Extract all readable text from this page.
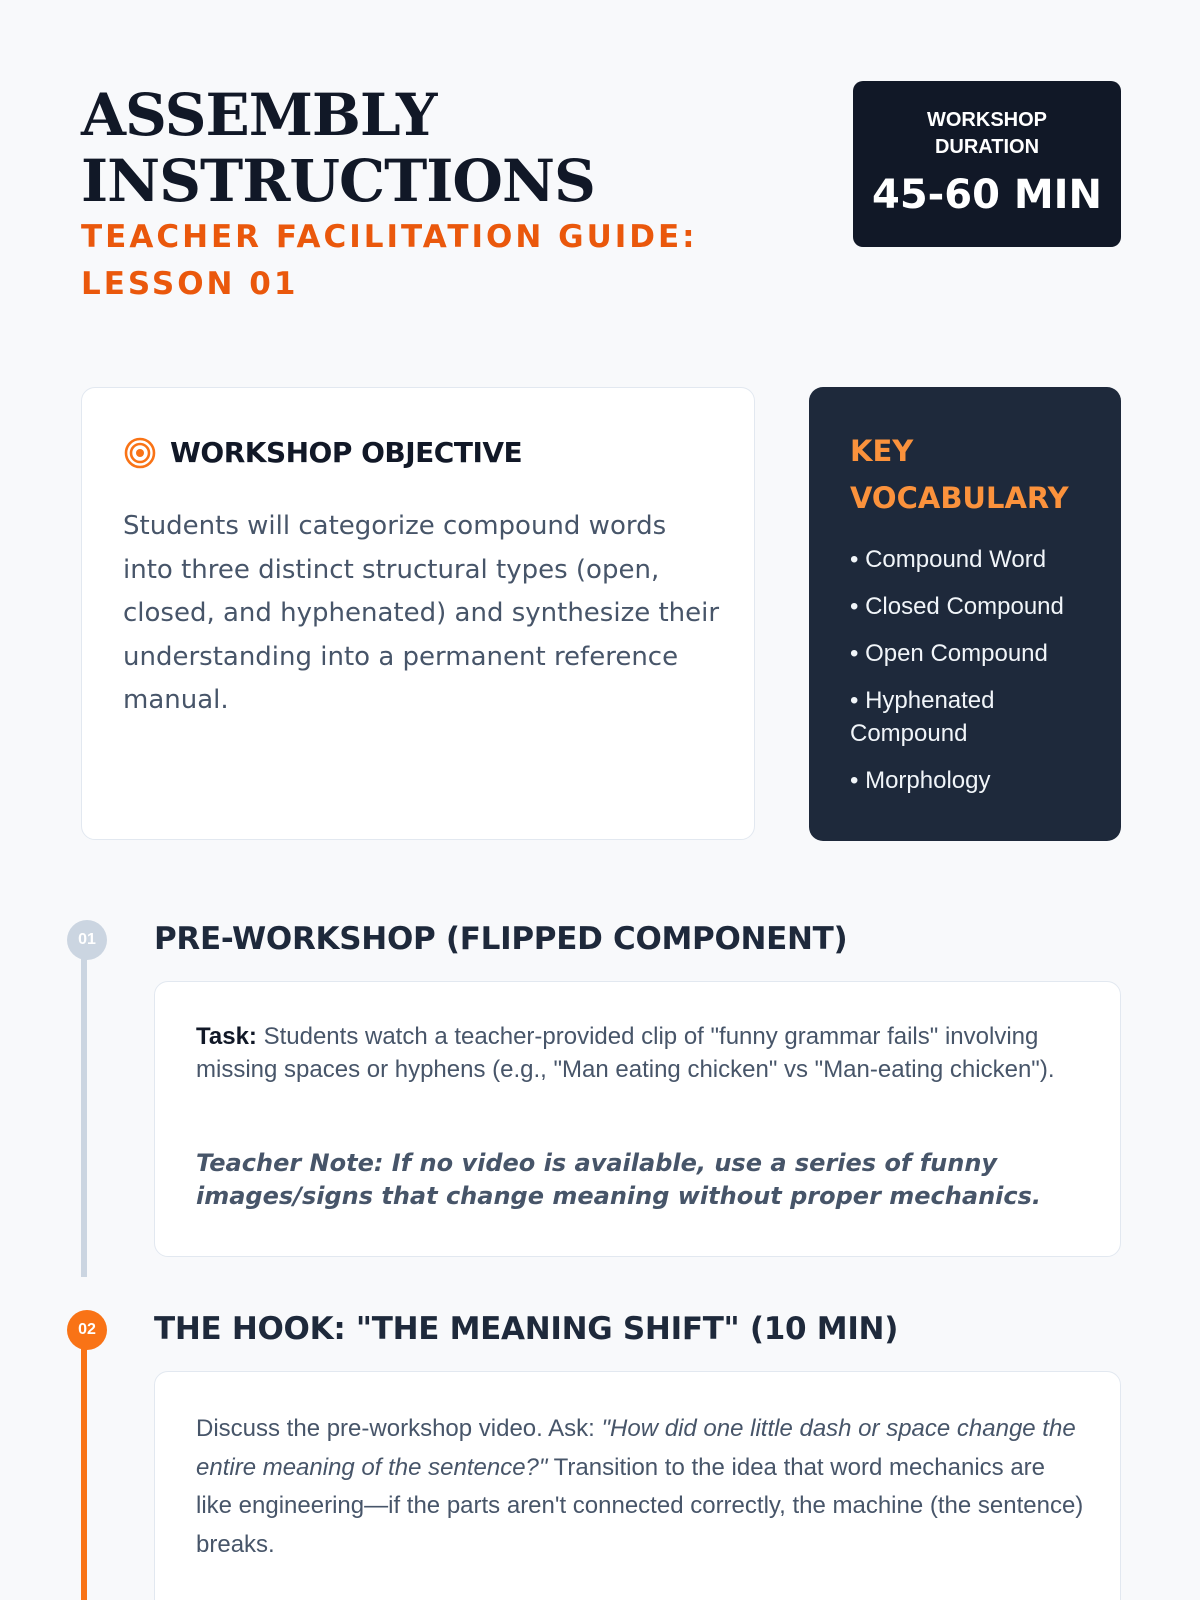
ASSEMBLY
INSTRUCTIONS
TEACHER FACILITATION GUIDE: LESSON 01
WORKSHOP DURATION
45-60 MIN
WORKSHOP OBJECTIVE
Students will categorize compound words into three distinct structural types (open, closed, and hyphenated) and synthesize their understanding into a permanent reference manual.
KEY VOCABULARY
• Compound Word
• Closed Compound
• Open Compound
• Hyphenated Compound
• Morphology
01	PRE-WORKSHOP (FLIPPED COMPONENT)
Task: Students watch a teacher-provided clip of "funny grammar fails" involving missing spaces or hyphens (e.g., "Man eating chicken" vs "Man-eating chicken").
Teacher Note: If no video is available, use a series of funny images/signs that change meaning without proper mechanics.
02	THE HOOK: "THE MEANING SHIFT" (10 MIN)
Discuss the pre-workshop video. Ask: "How did one little dash or space change the entire meaning of the sentence?" Transition to the idea that word mechanics are like engineering—if the parts aren't connected correctly, the machine (the sentence) breaks.
